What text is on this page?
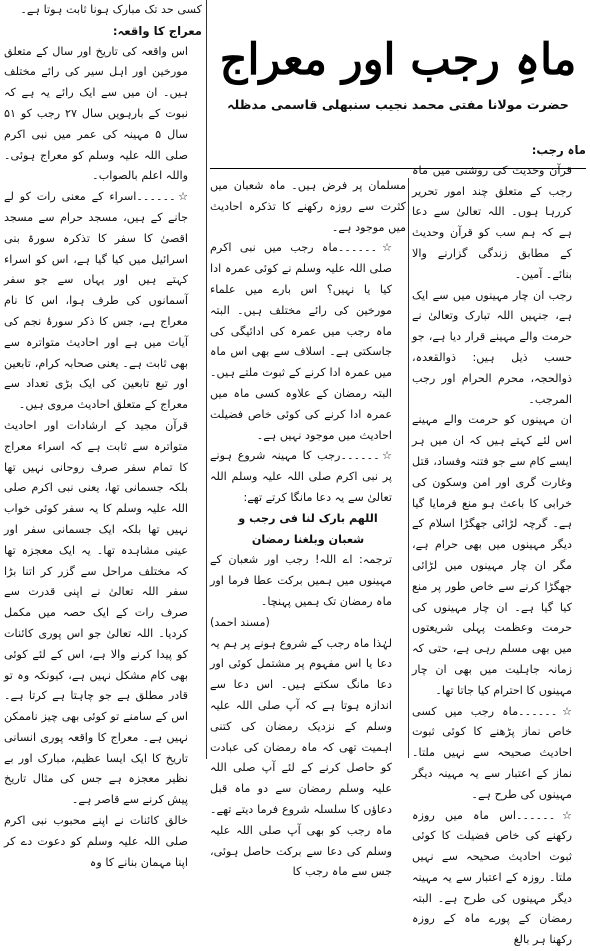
ماہِ رجب اور معراج
حضرت مولانا مفتی محمد نجیب سنبھلی قاسمی مدظلہ

کسی حد تک مبارک ہونا ثابت ہوتا ہے۔

معراج کا واقعہ:

اس واقعہ کی تاریخ اور سال کے متعلق مورخین اور اہل سیر کی رائے مختلف ہیں۔ ان میں سے ایک رائے یہ ہے کہ نبوت کے بارہویں سال ۲۷ رجب کو ۵۱ سال ۵ مہینہ کی عمر میں نبی اکرم صلی اللہ علیہ وسلم کو معراج ہوئی۔ واللہ اعلم بالصواب۔

☆۔۔۔۔۔۔اسراء کے معنی رات کو لے جانے کے ہیں، مسجد حرام سے مسجد اقصیٰ کا سفر کا تذکرہ سورۃ بنی اسرائیل میں کیا گیا ہے، اس کو اسراء کہتے ہیں اور یہاں سے جو سفر آسمانوں کی طرف ہوا، اس کا نام معراج ہے، جس کا ذکر سورۂ نجم کی آیات میں ہے اور احادیث متواترہ سے بھی ثابت ہے۔ یعنی صحابہ کرام، تابعین اور تبع تابعین کی ایک بڑی تعداد سے معراج کے متعلق احادیث مروی ہیں۔

قرآن مجید کے ارشادات اور احادیث متواترہ سے ثابت ہے کہ اسراء معراج کا تمام سفر صرف روحانی نہیں تھا بلکہ جسمانی تھا، یعنی نبی اکرم صلی اللہ علیہ وسلم کا یہ سفر کوئی خواب نہیں تھا بلکہ ایک جسمانی سفر اور عینی مشاہدہ تھا۔ یہ ایک معجزہ تھا کہ مختلف مراحل سے گزر کر اتنا بڑا سفر اللہ تعالیٰ نے اپنی قدرت سے صرف رات کے ایک حصہ میں مکمل کردیا۔ اللہ تعالیٰ جو اس پوری کائنات کو پیدا کرنے والا ہے، اس کے لئے کوئی بھی کام مشکل نہیں ہے، کیونکہ وہ تو قادر مطلق ہے جو چاہتا ہے کرتا ہے۔ اس کے سامنے تو کوئی بھی چیز ناممکن نہیں ہے۔ معراج کا واقعہ پوری انسانی تاریخ کا ایک ایسا عظیم، مبارک اور بے نظیر معجزہ ہے جس کی مثال تاریخ پیش کرنے سے قاصر ہے۔

خالق کائنات نے اپنے محبوب نبی اکرم صلی اللہ علیہ وسلم کو دعوت دے کر اپنا مہمان بنانے کا وہ

مسلمان پر فرض ہیں۔ ماہ شعبان میں کثرت سے روزہ رکھنے کا تذکرہ احادیث میں موجود ہے۔

☆۔۔۔۔۔۔ماہ رجب میں نبی اکرم صلی اللہ علیہ وسلم نے کوئی عمرہ ادا کیا یا نہیں؟ اس بارے میں علماء مورخین کی رائے مختلف ہیں۔ البتہ ماہ رجب میں عمرہ کی ادائیگی کی جاسکتی ہے۔ اسلاف سے بھی اس ماہ میں عمرہ ادا کرنے کے ثبوت ملتے ہیں۔ البتہ رمضان کے علاوہ کسی ماہ میں عمرہ ادا کرنے کی کوئی خاص فضیلت احادیث میں موجود نہیں ہے۔

☆۔۔۔۔۔۔رجب کا مہینہ شروع ہونے پر نبی اکرم صلی اللہ علیہ وسلم اللہ تعالیٰ سے یہ دعا مانگا کرتے تھے:

اللھم بارک لنا فی رجب و

شعبان وبلغنا رمضان

ترجمہ: اے اللہ! رجب اور شعبان کے مہینوں میں ہمیں برکت عطا فرما اور ماہ رمضان تک ہمیں پہنچا۔

(مسند احمد)

لہٰذا ماہ رجب کے شروع ہونے پر ہم یہ دعا یا اس مفہوم پر مشتمل کوئی اور دعا مانگ سکتے ہیں۔ اس دعا سے اندازہ ہوتا ہے کہ آپ صلی اللہ علیہ وسلم کے نزدیک رمضان کی کتنی اہمیت تھی کہ ماہ رمضان کی عبادت کو حاصل کرنے کے لئے آپ صلی اللہ علیہ وسلم رمضان سے دو ماہ قبل دعاؤں کا سلسلہ شروع فرما دیتے تھے۔ ماہ رجب کو بھی آپ صلی اللہ علیہ وسلم کی دعا سے برکت حاصل ہوئی، جس سے ماہ رجب کا

ماہ رجب:

قرآن وحدیث کی روشنی میں ماہ رجب کے متعلق چند امور تحریر کررہا ہوں۔ اللہ تعالیٰ سے دعا ہے کہ ہم سب کو قرآن وحدیث کے مطابق زندگی گزارنے والا بنائے۔ آمین۔

رجب ان چار مہینوں میں سے ایک ہے، جنہیں اللہ تبارک وتعالیٰ نے حرمت والے مہینے قرار دیا ہے، جو حسب ذیل ہیں: ذوالقعدہ، ذوالحجہ، محرم الحرام اور رجب المرجب۔

ان مہینوں کو حرمت والے مہینے اس لئے کہتے ہیں کہ ان میں ہر ایسے کام سے جو فتنہ وفساد، قتل وغارت گری اور امن وسکون کی خرابی کا باعث ہو منع فرمایا گیا ہے۔ گرچہ لڑائی جھگڑا اسلام کے دیگر مہینوں میں بھی حرام ہے، مگر ان چار مہینوں میں لڑائی جھگڑا کرنے سے خاص طور پر منع کیا گیا ہے۔ ان چار مہینوں کی حرمت وعظمت پہلی شریعتوں میں بھی مسلم رہی ہے، حتی کہ زمانہ جاہلیت میں بھی ان چار مہینوں کا احترام کیا جاتا تھا۔

☆۔۔۔۔۔۔ماہ رجب میں کسی خاص نماز پڑھنے کا کوئی ثبوت احادیث صحیحہ سے نہیں ملتا۔ نماز کے اعتبار سے یہ مہینہ دیگر مہینوں کی طرح ہے۔

☆۔۔۔۔۔۔اس ماہ میں روزہ رکھنے کی خاص فضیلت کا کوئی ثبوت احادیث صحیحہ سے نہیں ملتا۔ روزہ کے اعتبار سے یہ مہینہ دیگر مہینوں کی طرح ہے۔ البتہ رمضان کے پورے ماہ کے روزہ رکھنا ہر بالغ
